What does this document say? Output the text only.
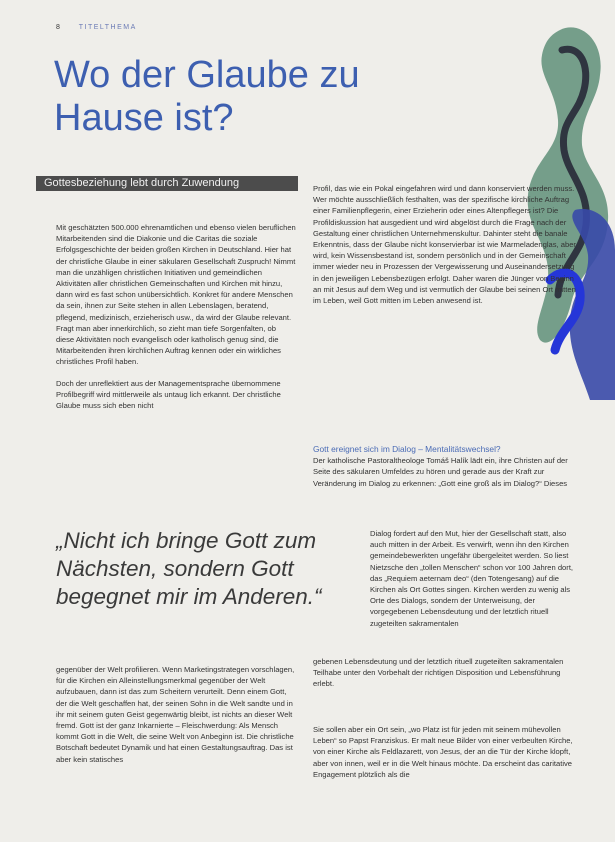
8 TITELTHEMA
Wo der Glaube zu Hause ist?
Gottesbeziehung lebt durch Zuwendung

Mit geschätzten 500.000 ehrenamtlichen und ebenso vielen beruflichen Mitarbeitenden sind die Diakonie und die Caritas die soziale Erfolgsgeschichte der beiden großen Kirchen in Deutschland. Hier hat der christliche Glaube in einer säkularen Gesellschaft Zuspruch! Nimmt man die unzähligen christlichen Initiativen und gemeindlichen Aktivitäten aller christlichen Gemeinschaften und Kirchen mit hinzu, dann wird es fast schon unübersichtlich. Konkret für andere Menschen da sein, ihnen zur Seite stehen in allen Lebenslagen, beratend, pflegend, medizinisch, erzieherisch usw., da wird der Glaube relevant. Fragt man aber innerkirchlich, so zieht man tiefe Sorgenfalten, ob diese Aktivitäten noch evangelisch oder katholisch genug sind, die Mitarbeitenden ihren kirchlichen Auftrag kennen oder ein wirkliches christliches Profil haben.

Doch der unreflektiert aus der Managementsprache übernommene Profilbegriff wird mittlerweile als untaug lich erkannt. Der christliche Glaube muss sich eben nicht

„Nicht ich bringe Gott zum Nächsten, sondern Gott begegnet mir im Anderen.“

gegenüber der Welt profilieren. Wenn Marketingstrategen vorschlagen, für die Kirchen ein Alleinstellungsmerkmal gegenüber der Welt aufzubauen, dann ist das zum Scheitern verurteilt. Denn einem Gott, der die Welt geschaffen hat, der seinen Sohn in die Welt sandte und in ihr mit seinem guten Geist gegenwärtig bleibt, ist nichts an dieser Welt fremd. Gott ist der ganz Inkarnierte – Fleischwerdung: Als Mensch kommt Gott in die Welt, die seine Welt von Anbeginn ist. Die christliche Botschaft bedeutet Dynamik und hat einen Gestaltungsauftrag. Das ist aber kein statisches

Profil, das wie ein Pokal eingefahren wird und dann konserviert werden muss. Wer möchte ausschließlich festhalten, was der spezifische kirchliche Auftrag einer Familienpflegerin, einer Erzieherin oder eines Altenpflegers ist? Die Profildiskussion hat ausgedient und wird abgelöst durch die Frage nach der Gestaltung einer christlichen Unternehmenskultur. Dahinter steht die banale Erkenntnis, dass der Glaube nicht konservierbar ist wie Marmeladenglas, aber wird, kein Wissensbestand ist, sondern persönlich und in der Gemeinschaft immer wieder neu in Prozessen der Vergewisserung und Auseinandersetzung in den jeweiligen Lebensbezügen erfolgt. Daher waren die Jünger von Beginn an mit Jesus auf dem Weg und ist vermutlich der Glaube bei seinen Ort mitten im Leben, weil Gott mitten im Leben anwesend ist.

Gott ereignet sich im Dialog – Mentalitätswechsel?

Der katholische Pastoraltheologe Tomáš Halík lädt ein, ihre Christen auf der Seite des säkularen Umfeldes zu hören und gerade aus der Kraft zur Veränderung im Dialog zu erkennen: „Gott eine groß als im Dialog?“ Dieses

Dialog fordert auf den Mut, hier der Gesellschaft statt, also auch mitten in der Arbeit. Es verwirft, wenn ihn den Kirchen gemeindebewerkten ungefähr übergeleitet werden. So liest Nietzsche den „tollen Menschen“ schon vor 100 Jahren dort, das „Requiem aeternam deo“ (den Totengesang) auf die Kirchen als Ort Gottes singen. Kirchen werden zu wenig als Orte des Dialogs, sondern der Unterweisung, der vorgegebenen Lebensdeutung und der letztlich rituell zugeteilten sakramentalen

gebenen Lebensdeutung und der letztlich rituell zugeteilten sakramentalen Teilhabe unter den Vorbehalt der richtigen Disposition und Lebensführung erlebt.

Sie sollen aber ein Ort sein, „wo Platz ist für jeden mit seinem mühevollen Leben“ so Papst Franziskus. Er malt neue Bilder von einer verbeulten Kirche, von einer Kirche als Feldlazarett, von Jesus, der an die Tür der Kirche klopft, aber von innen, weil er in die Welt hinaus möchte. Da erscheint das caritative Engagement plötzlich als die
